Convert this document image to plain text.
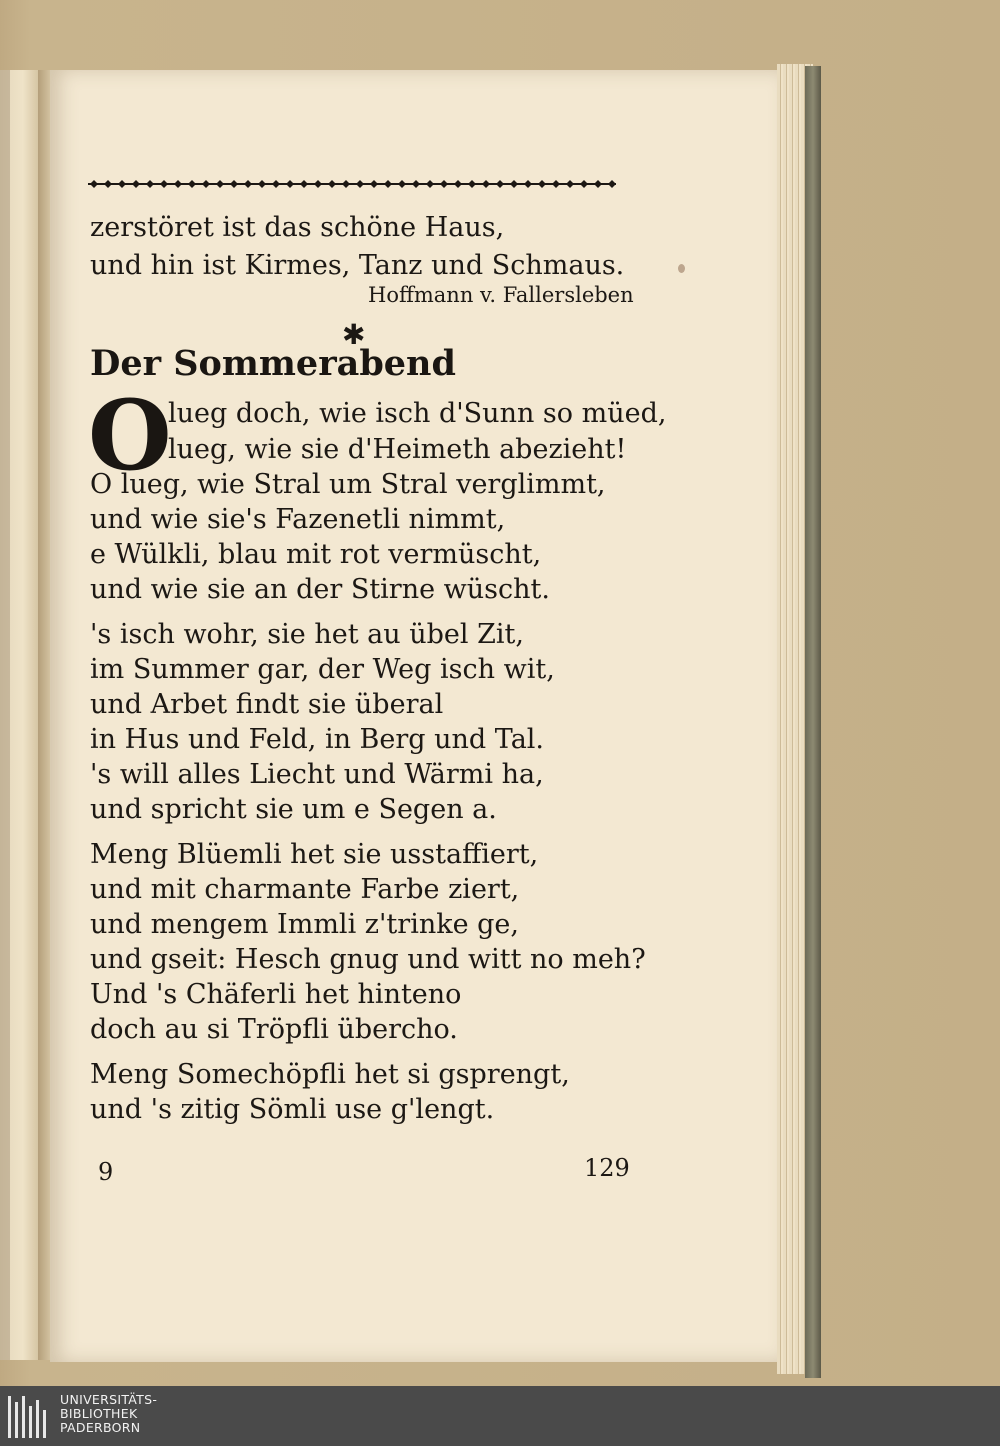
zerstöret ist das schöne Haus,
und hin ist Kirmes, Tanz und Schmaus.
Hoffmann v. Fallersleben
✱
Der Sommerabend
O
lueg doch, wie isch d'Sunn so müed,
lueg, wie sie d'Heimeth abezieht!
O lueg, wie Stral um Stral verglimmt,
und wie sie's Fazenetli nimmt,
e Wülkli, blau mit rot vermüscht,
und wie sie an der Stirne wüscht.
's isch wohr, sie het au übel Zit,
im Summer gar, der Weg isch wit,
und Arbet findt sie überal
in Hus und Feld, in Berg und Tal.
's will alles Liecht und Wärmi ha,
und spricht sie um e Segen a.
Meng Blüemli het sie usstaffiert,
und mit charmante Farbe ziert,
und mengem Immli z'trinke ge,
und gseit: Hesch gnug und witt no meh?
Und 's Chäferli het hinteno
doch au si Tröpfli übercho.
Meng Somechöpfli het si gsprengt,
und 's zitig Sömli use g'lengt.
9	129
UNIVERSITÄTS-
BIBLIOTHEK
PADERBORN
